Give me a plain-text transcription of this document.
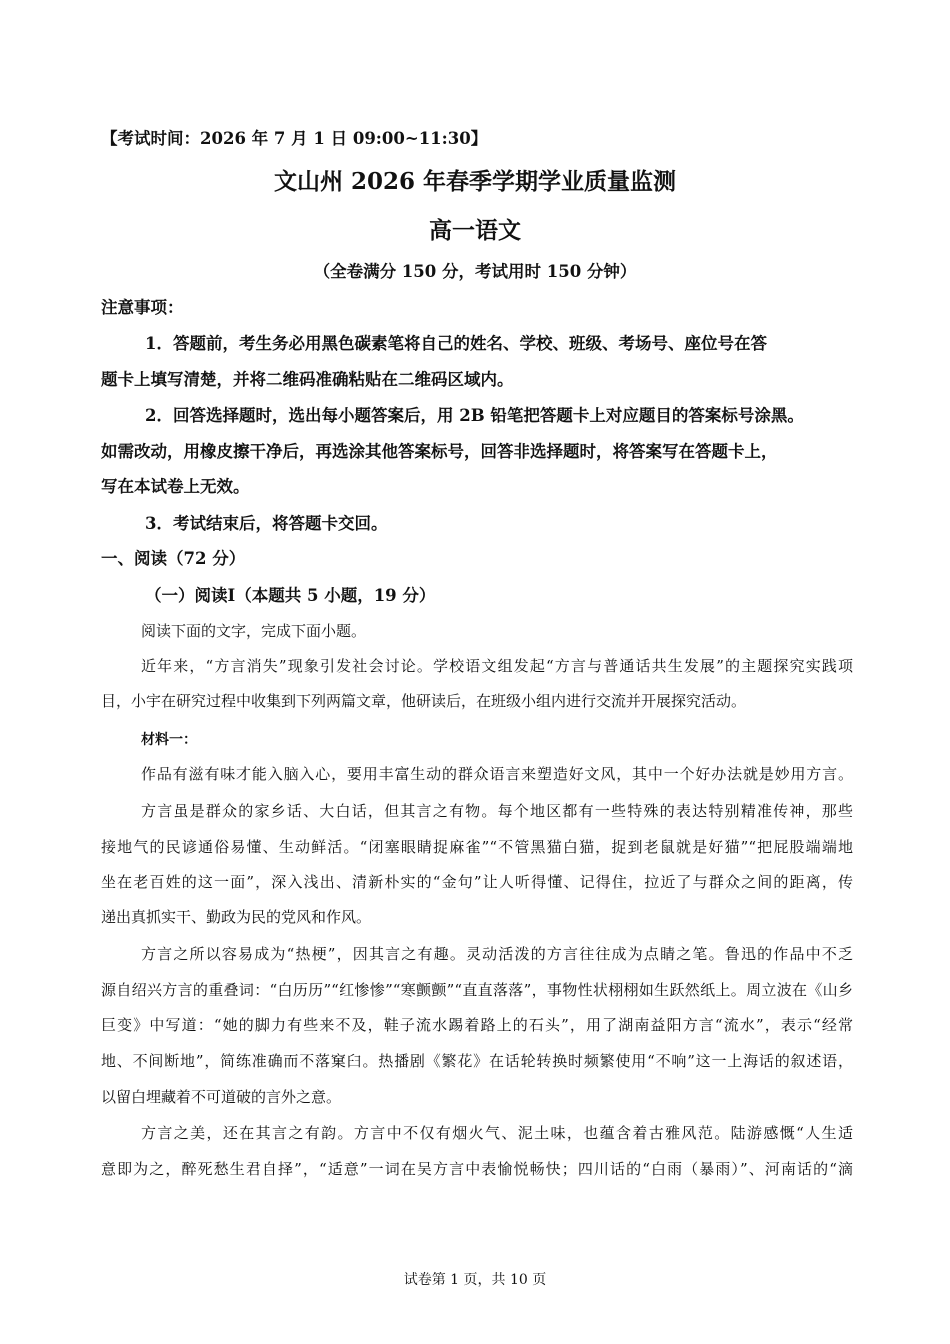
【考试时间：2026 年 7 月 1 日 09:00~11:30】
文山州 2026 年春季学期学业质量监测
高一语文
（全卷满分 150 分，考试用时 150 分钟）
注意事项：
1．答题前，考生务必用黑色碳素笔将自己的姓名、学校、班级、考场号、座位号在答
题卡上填写清楚，并将二维码准确粘贴在二维码区域内。
2．回答选择题时，选出每小题答案后，用 2B 铅笔把答题卡上对应题目的答案标号涂黑。
如需改动，用橡皮擦干净后，再选涂其他答案标号，回答非选择题时，将答案写在答题卡上，
写在本试卷上无效。
3．考试结束后，将答题卡交回。
一、阅读（72 分）
（一）阅读I（本题共 5 小题，19 分）
阅读下面的文字，完成下面小题。
近年来，“方言消失”现象引发社会讨论。学校语文组发起“方言与普通话共生发展”的主题探究实践项
目，小宇在研究过程中收集到下列两篇文章，他研读后，在班级小组内进行交流并开展探究活动。
材料一：
作品有滋有味才能入脑入心，要用丰富生动的群众语言来塑造好文风，其中一个好办法就是妙用方言。
方言虽是群众的家乡话、大白话，但其言之有物。每个地区都有一些特殊的表达特别精准传神，那些
接地气的民谚通俗易懂、生动鲜活。“闭塞眼睛捉麻雀”“不管黑猫白猫，捉到老鼠就是好猫”“把屁股端端地
坐在老百姓的这一面”，深入浅出、清新朴实的“金句”让人听得懂、记得住，拉近了与群众之间的距离，传
递出真抓实干、勤政为民的党风和作风。
方言之所以容易成为“热梗”，因其言之有趣。灵动活泼的方言往往成为点睛之笔。鲁迅的作品中不乏
源自绍兴方言的重叠词：“白历历”“红惨惨”“寒颤颤”“直直落落”，事物性状栩栩如生跃然纸上。周立波在《山乡
巨变》中写道：“她的脚力有些来不及，鞋子流水踢着路上的石头”，用了湖南益阳方言“流水”，表示“经常
地、不间断地”，简练准确而不落窠臼。热播剧《繁花》在话轮转换时频繁使用“不响”这一上海话的叙述语，
以留白埋藏着不可道破的言外之意。
方言之美，还在其言之有韵。方言中不仅有烟火气、泥土味，也蕴含着古雅风范。陆游感慨“人生适
意即为之，醉死愁生君自择”，“适意”一词在吴方言中表愉悦畅快；四川话的“白雨（暴雨）”、河南话的“滴
试卷第 1 页，共 10 页
